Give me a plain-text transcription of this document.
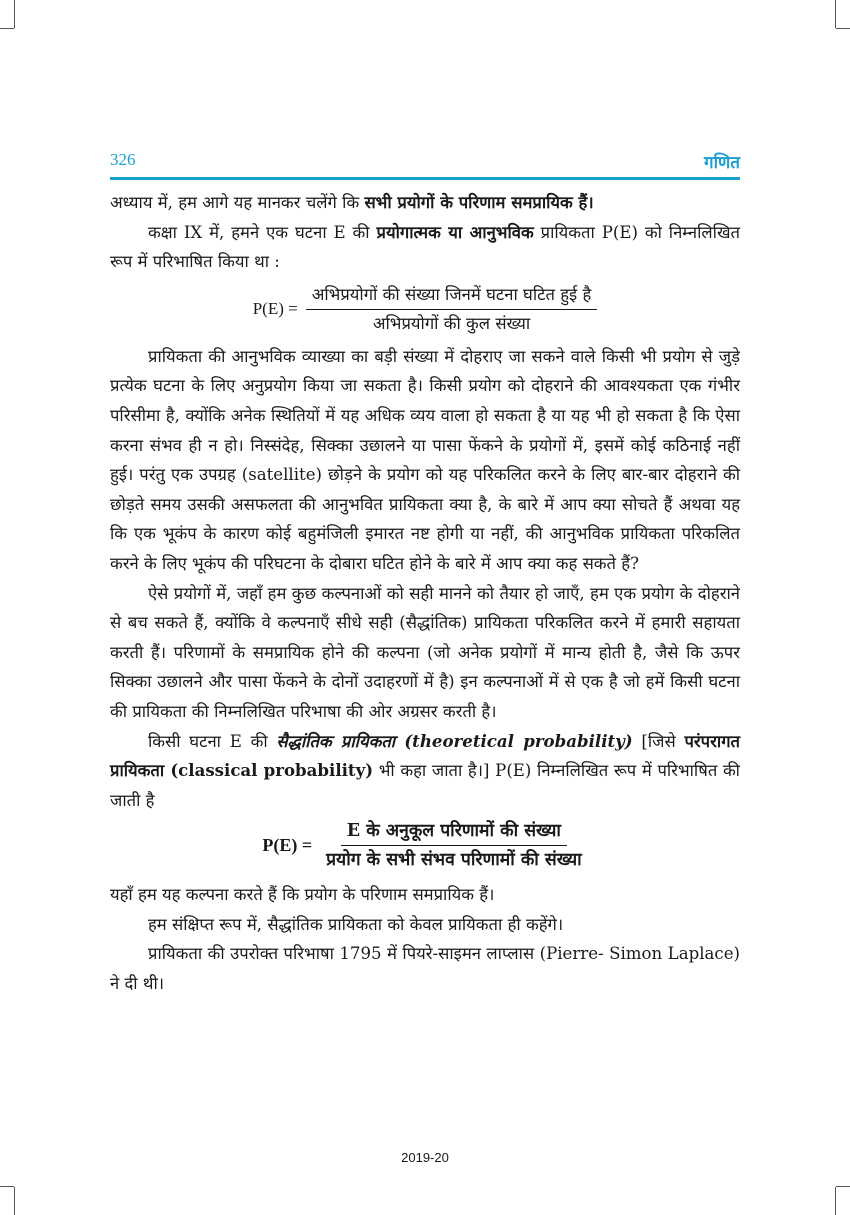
326	गणित

अध्याय में, हम आगे यह मानकर चलेंगे कि सभी प्रयोगों के परिणाम समप्रायिक हैं।

कक्षा IX में, हमने एक घटना E की प्रयोगात्मक या आनुभविक प्रायिकता P(E) को निम्नलिखित रूप में परिभाषित किया था :

$P(E) = \frac{\text{अभिप्रयोगों की संख्या जिनमें घटना घटित हुई है}}{\text{अभिप्रयोगों की कुल संख्या}}$

प्रायिकता की आनुभविक व्याख्या का बड़ी संख्या में दोहराए जा सकने वाले किसी भी प्रयोग से जुड़े प्रत्येक घटना के लिए अनुप्रयोग किया जा सकता है। किसी प्रयोग को दोहराने की आवश्यकता एक गंभीर परिसीमा है, क्योंकि अनेक स्थितियों में यह अधिक व्यय वाला हो सकता है या यह भी हो सकता है कि ऐसा करना संभव ही न हो। निस्संदेह, सिक्का उछालने या पासा फेंकने के प्रयोगों में, इसमें कोई कठिनाई नहीं हुई। परंतु एक उपग्रह (satellite) छोड़ने के प्रयोग को यह परिकलित करने के लिए बार-बार दोहराने की छोड़ते समय उसकी असफलता की आनुभवित प्रायिकता क्या है, के बारे में आप क्या सोचते हैं अथवा यह कि एक भूकंप के कारण कोई बहुमंजिली इमारत नष्ट होगी या नहीं, की आनुभविक प्रायिकता परिकलित करने के लिए भूकंप की परिघटना के दोबारा घटित होने के बारे में आप क्या कह सकते हैं?

ऐसे प्रयोगों में, जहाँ हम कुछ कल्पनाओं को सही मानने को तैयार हो जाएँ, हम एक प्रयोग के दोहराने से बच सकते हैं, क्योंकि वे कल्पनाएँ सीधे सही (सैद्धांतिक) प्रायिकता परिकलित करने में हमारी सहायता करती हैं। परिणामों के समप्रायिक होने की कल्पना (जो अनेक प्रयोगों में मान्य होती है, जैसे कि ऊपर सिक्का उछालने और पासा फेंकने के दोनों उदाहरणों में है) इन कल्पनाओं में से एक है जो हमें किसी घटना की प्रायिकता की निम्नलिखित परिभाषा की ओर अग्रसर करती है।

किसी घटना E की सैद्धांतिक प्रायिकता (theoretical probability) [जिसे परंपरागत प्रायिकता (classical probability) भी कहा जाता है।] P(E) निम्नलिखित रूप में परिभाषित की जाती है

$P(E) = \frac{\text{E के अनुकूल परिणामों की संख्या}}{\text{प्रयोग के सभी संभव परिणामों की संख्या}}$

यहाँ हम यह कल्पना करते हैं कि प्रयोग के परिणाम समप्रायिक हैं।

हम संक्षिप्त रूप में, सैद्धांतिक प्रायिकता को केवल प्रायिकता ही कहेंगे।

प्रायिकता की उपरोक्त परिभाषा 1795 में पियरे-साइमन लाप्लास (Pierre- Simon Laplace) ने दी थी।

2019-20
